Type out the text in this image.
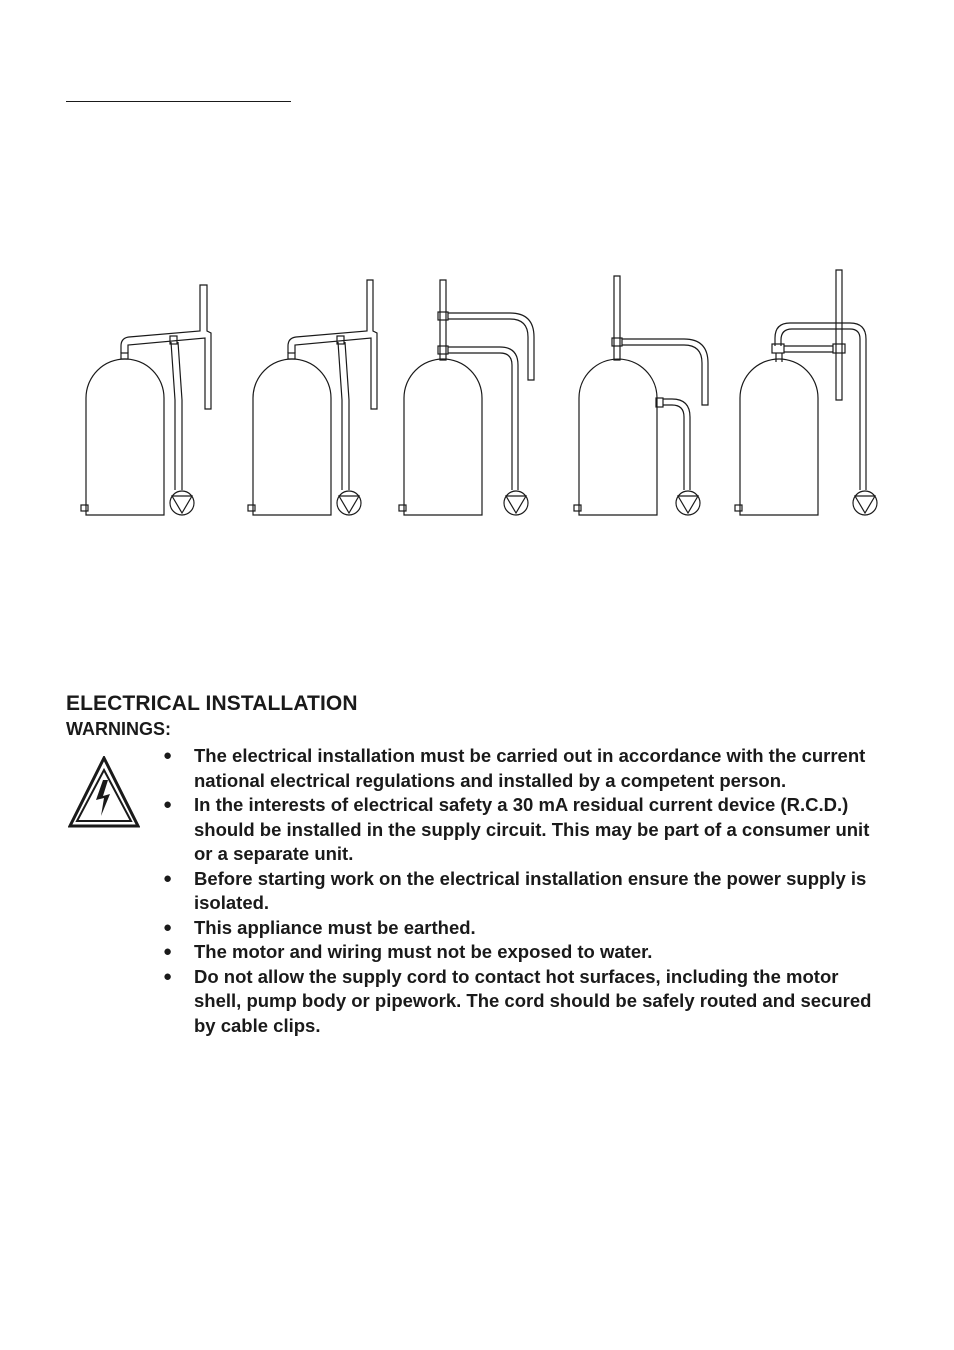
ELECTRICAL INSTALLATION
WARNINGS:
● The electrical installation must be carried out in accordance with the current national electrical regulations and installed by a competent person.
● In the interests of electrical safety a 30 mA residual current device (R.C.D.) should be installed in the supply circuit. This may be part of a consumer unit or a separate unit.
● Before starting work on the electrical installation ensure the power supply is isolated.
● This appliance must be earthed.
● The motor and wiring must not be exposed to water.
● Do not allow the supply cord to contact hot surfaces, including the motor shell, pump body or pipework. The cord should be safely routed and secured by cable clips.
